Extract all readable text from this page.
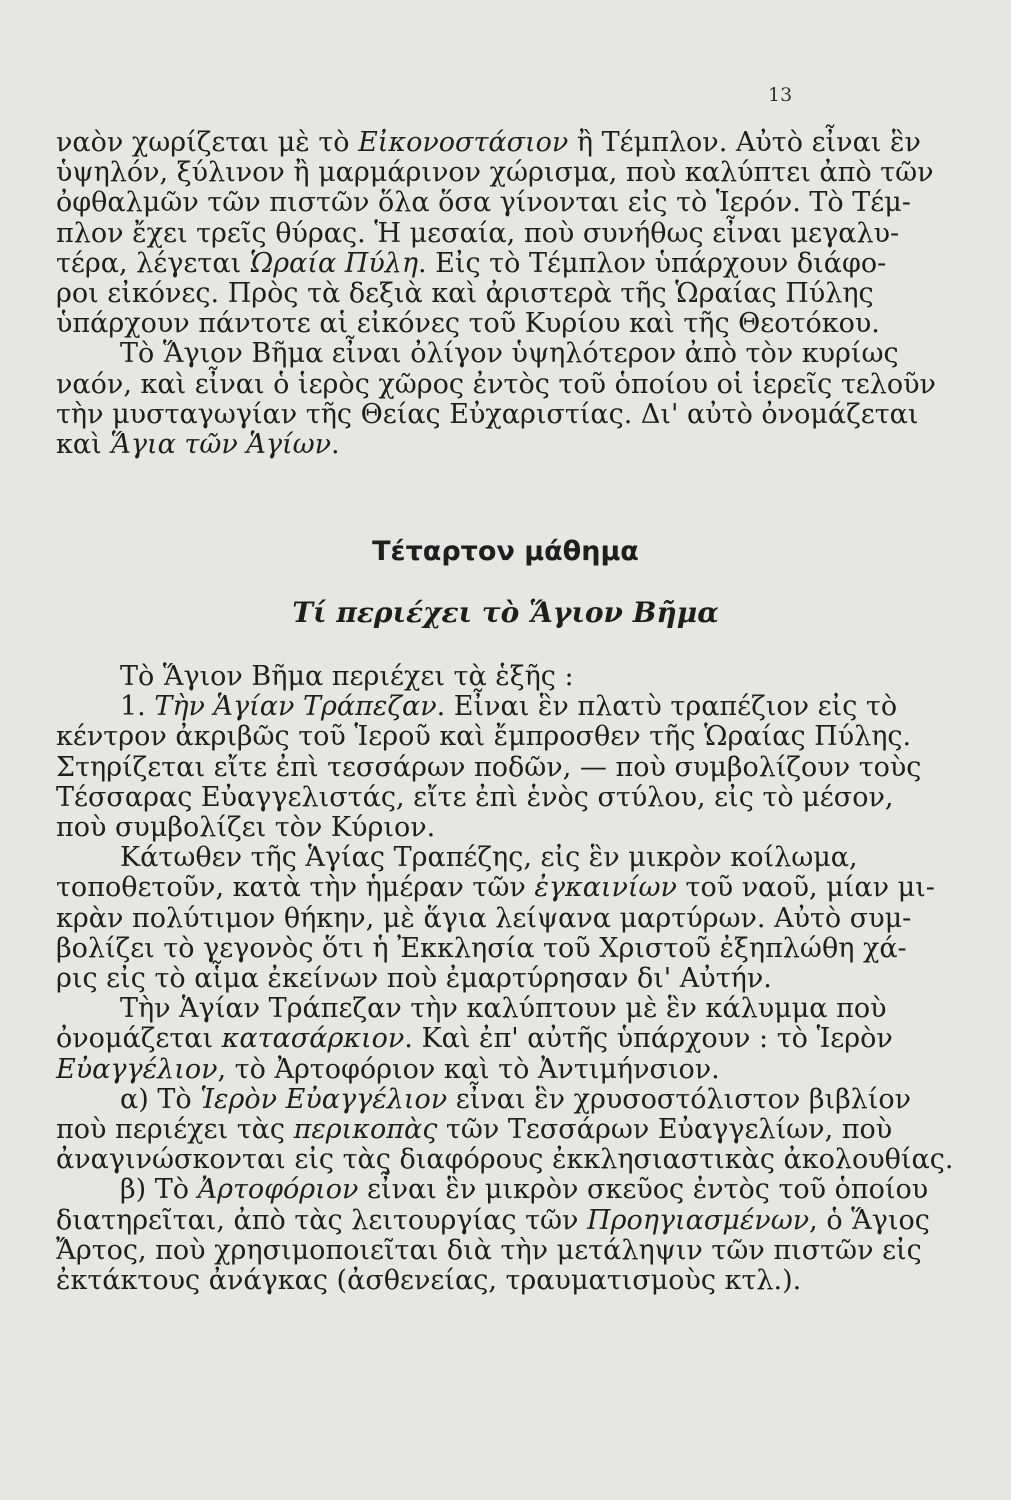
13
ναὸν χωρίζεται μὲ τὸ Εἰκονοστάσιον ἢ Τέμπλον. Αὐτὸ εἶναι ἓν
ὑψηλόν, ξύλινον ἢ μαρμάρινον χώρισμα, ποὺ καλύπτει ἀπὸ τῶν
ὀφθαλμῶν τῶν πιστῶν ὅλα ὅσα γίνονται εἰς τὸ Ἱερόν. Τὸ Τέμ-
πλον ἔχει τρεῖς θύρας. Ἡ μεσαία, ποὺ συνήθως εἶναι μεγαλυ-
τέρα, λέγεται Ὡραία Πύλη. Εἰς τὸ Τέμπλον ὑπάρχουν διάφο-
ροι εἰκόνες. Πρὸς τὰ δεξιὰ καὶ ἀριστερὰ τῆς Ὡραίας Πύλης
ὑπάρχουν πάντοτε αἱ εἰκόνες τοῦ Κυρίου καὶ τῆς Θεοτόκου.
Τὸ Ἅγιον Βῆμα εἶναι ὀλίγον ὑψηλότερον ἀπὸ τὸν κυρίως
ναόν, καὶ εἶναι ὁ ἱερὸς χῶρος ἐντὸς τοῦ ὁποίου οἱ ἱερεῖς τελοῦν
τὴν μυσταγωγίαν τῆς Θείας Εὐχαριστίας. Δι' αὐτὸ ὀνομάζεται
καὶ Ἅγια τῶν Ἁγίων.
Τέταρτον μάθημα
Τί περιέχει τὸ Ἅγιον Βῆμα
Τὸ Ἅγιον Βῆμα περιέχει τὰ ἑξῆς :
1. Τὴν Ἁγίαν Τράπεζαν. Εἶναι ἓν πλατὺ τραπέζιον εἰς τὸ
κέντρον ἀκριβῶς τοῦ Ἱεροῦ καὶ ἔμπροσθεν τῆς Ὡραίας Πύλης.
Στηρίζεται εἴτε ἐπὶ τεσσάρων ποδῶν, — ποὺ συμβολίζουν τοὺς
Τέσσαρας Εὐαγγελιστάς, εἴτε ἐπὶ ἑνὸς στύλου, εἰς τὸ μέσον,
ποὺ συμβολίζει τὸν Κύριον.
Κάτωθεν τῆς Ἁγίας Τραπέζης, εἰς ἓν μικρὸν κοίλωμα,
τοποθετοῦν, κατὰ τὴν ἡμέραν τῶν ἐγκαινίων τοῦ ναοῦ, μίαν μι-
κρὰν πολύτιμον θήκην, μὲ ἅγια λείψανα μαρτύρων. Αὐτὸ συμ-
βολίζει τὸ γεγονὸς ὅτι ἡ Ἐκκλησία τοῦ Χριστοῦ ἐξηπλώθη χά-
ρις εἰς τὸ αἷμα ἐκείνων ποὺ ἐμαρτύρησαν δι' Αὐτήν.
Τὴν Ἁγίαν Τράπεζαν τὴν καλύπτουν μὲ ἓν κάλυμμα ποὺ
ὀνομάζεται κατασάρκιον. Καὶ ἐπ' αὐτῆς ὑπάρχουν : τὸ Ἱερὸν
Εὐαγγέλιον, τὸ Ἀρτοφόριον καὶ τὸ Ἀντιμήνσιον.
α) Τὸ Ἱερὸν Εὐαγγέλιον εἶναι ἓν χρυσοστόλιστον βιβλίον
ποὺ περιέχει τὰς περικοπὰς τῶν Τεσσάρων Εὐαγγελίων, ποὺ
ἀναγινώσκονται εἰς τὰς διαφόρους ἐκκλησιαστικὰς ἀκολουθίας.
β) Τὸ Ἀρτοφόριον εἶναι ἓν μικρὸν σκεῦος ἐντὸς τοῦ ὁποίου
διατηρεῖται, ἀπὸ τὰς λειτουργίας τῶν Προηγιασμένων, ὁ Ἅγιος
Ἄρτος, ποὺ χρησιμοποιεῖται διὰ τὴν μετάληψιν τῶν πιστῶν εἰς
ἐκτάκτους ἀνάγκας (ἀσθενείας, τραυματισμοὺς κτλ.).
